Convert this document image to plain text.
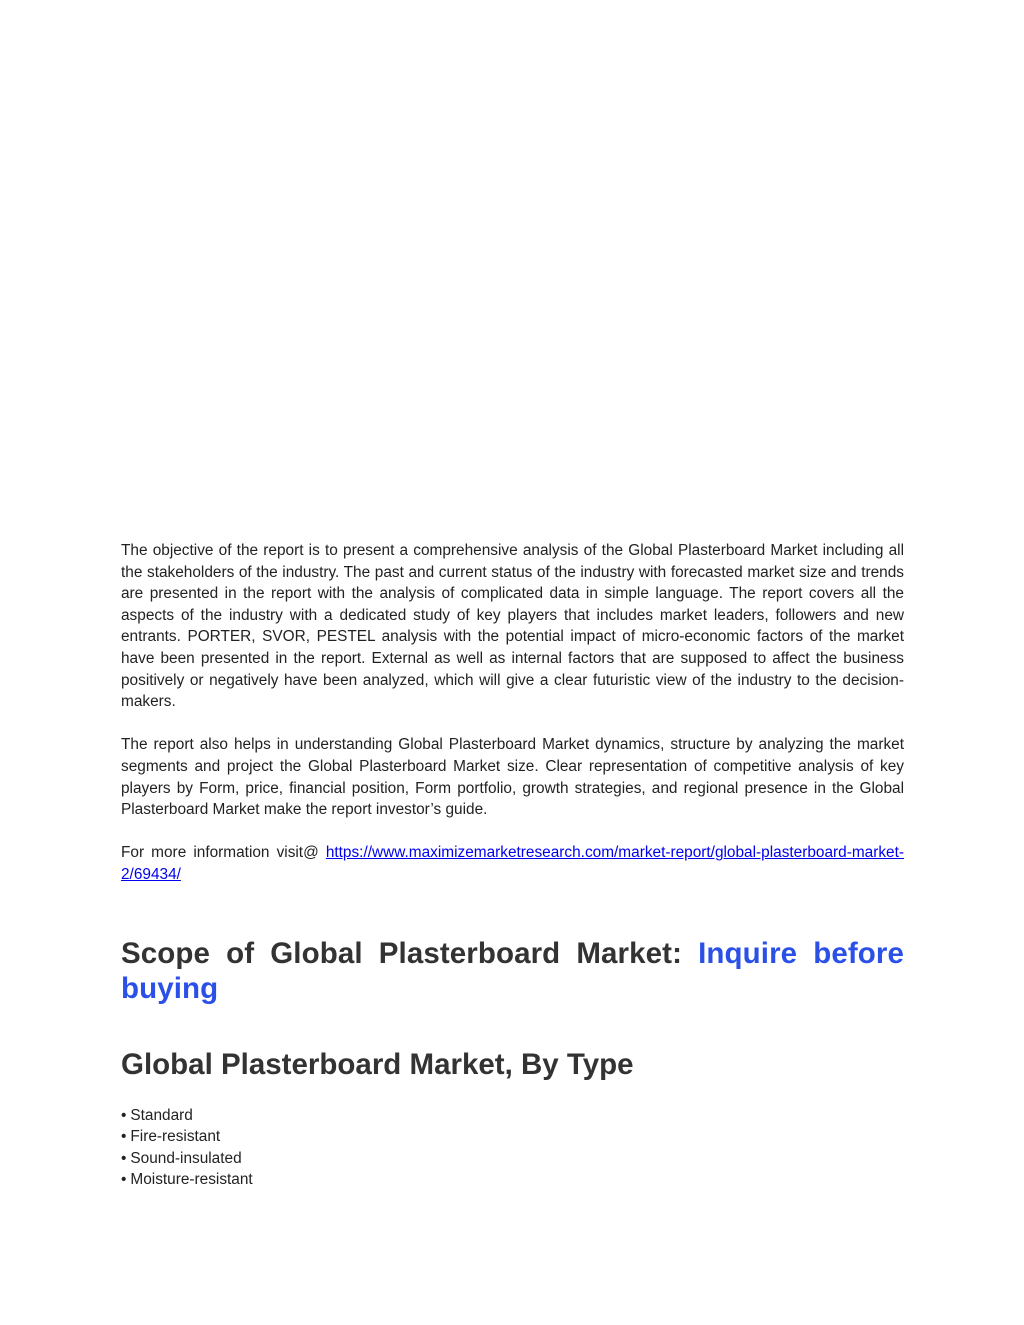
The objective of the report is to present a comprehensive analysis of the Global Plasterboard Market including all the stakeholders of the industry. The past and current status of the industry with forecasted market size and trends are presented in the report with the analysis of complicated data in simple language. The report covers all the aspects of the industry with a dedicated study of key players that includes market leaders, followers and new entrants. PORTER, SVOR, PESTEL analysis with the potential impact of micro-economic factors of the market have been presented in the report. External as well as internal factors that are supposed to affect the business positively or negatively have been analyzed, which will give a clear futuristic view of the industry to the decision-makers.

The report also helps in understanding Global Plasterboard Market dynamics, structure by analyzing the market segments and project the Global Plasterboard Market size. Clear representation of competitive analysis of key players by Form, price, financial position, Form portfolio, growth strategies, and regional presence in the Global Plasterboard Market make the report investor’s guide.

For more information visit@ https://www.maximizemarketresearch.com/market-report/global-plasterboard-market-2/69434/

Scope of Global Plasterboard Market: Inquire before buying
Global Plasterboard Market, By Type
• Standard
• Fire-resistant
• Sound-insulated
• Moisture-resistant
